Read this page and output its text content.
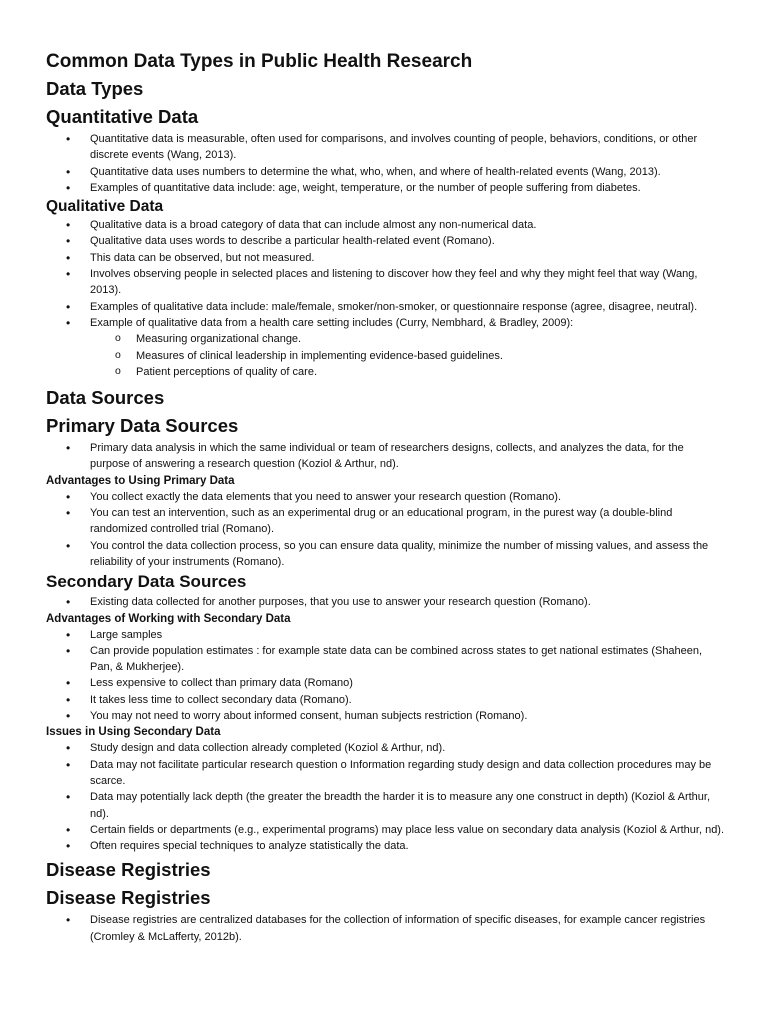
Common Data Types in Public Health Research
Data Types
Quantitative Data
• Quantitative data is measurable, often used for comparisons, and involves counting of people, behaviors, conditions, or other discrete events (Wang, 2013).
• Quantitative data uses numbers to determine the what, who, when, and where of health-related events (Wang, 2013).
• Examples of quantitative data include: age, weight, temperature, or the number of people suffering from diabetes.
Qualitative Data
• Qualitative data is a broad category of data that can include almost any non-numerical data.
• Qualitative data uses words to describe a particular health-related event (Romano).
• This data can be observed, but not measured.
• Involves observing people in selected places and listening to discover how they feel and why they might feel that way (Wang, 2013).
• Examples of qualitative data include: male/female, smoker/non-smoker, or questionnaire response (agree, disagree, neutral).
• Example of qualitative data from a health care setting includes (Curry, Nembhard, & Bradley, 2009):
o Measuring organizational change.
o Measures of clinical leadership in implementing evidence-based guidelines.
o Patient perceptions of quality of care.
Data Sources
Primary Data Sources
• Primary data analysis in which the same individual or team of researchers designs, collects, and analyzes the data, for the purpose of answering a research question (Koziol & Arthur, nd).
Advantages to Using Primary Data
• You collect exactly the data elements that you need to answer your research question (Romano).
• You can test an intervention, such as an experimental drug or an educational program, in the purest way (a double-blind randomized controlled trial (Romano).
• You control the data collection process, so you can ensure data quality, minimize the number of missing values, and assess the reliability of your instruments (Romano).
Secondary Data Sources
• Existing data collected for another purposes, that you use to answer your research question (Romano).
Advantages of Working with Secondary Data
• Large samples
• Can provide population estimates : for example state data can be combined across states to get national estimates (Shaheen, Pan, & Mukherjee).
• Less expensive to collect than primary data (Romano)
• It takes less time to collect secondary data (Romano).
• You may not need to worry about informed consent, human subjects restriction (Romano).
Issues in Using Secondary Data
• Study design and data collection already completed (Koziol & Arthur, nd).
• Data may not facilitate particular research question o Information regarding study design and data collection procedures may be scarce.
• Data may potentially lack depth (the greater the breadth the harder it is to measure any one construct in depth) (Koziol & Arthur, nd).
• Certain fields or departments (e.g., experimental programs) may place less value on secondary data analysis (Koziol & Arthur, nd).
• Often requires special techniques to analyze statistically the data.
Disease Registries
Disease Registries
• Disease registries are centralized databases for the collection of information of specific diseases, for example cancer registries (Cromley & McLafferty, 2012b).
